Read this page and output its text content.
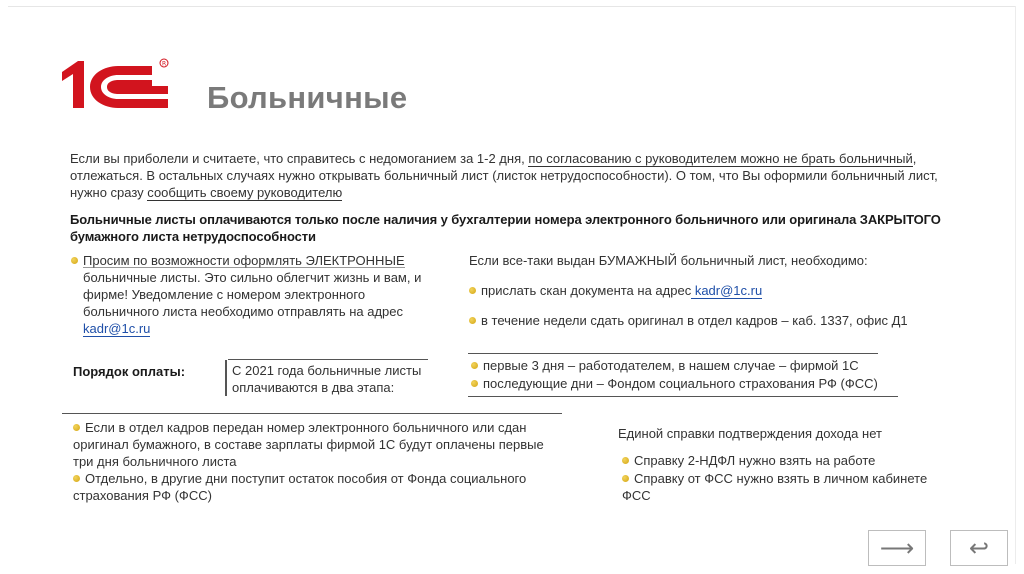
R
Больничные
Если вы приболели и считаете, что справитесь с недомоганием за 1-2 дня, по согласованию с руководителем можно не брать больничный, отлежаться. В остальных случаях нужно открывать больничный лист (листок нетрудоспособности). О том, что Вы оформили больничный лист, нужно сразу сообщить своему руководителю
Больничные листы оплачиваются только после наличия у бухгалтерии номера электронного больничного или оригинала ЗАКРЫТОГО бумажного листа нетрудоспособности
Просим по возможности оформлять ЭЛЕКТРОННЫЕ
больничные листы. Это сильно облегчит жизнь и вам, и фирме! Уведомление с номером электронного больничного листа необходимо отправлять на адрес kadr@1c.ru
Если все-таки выдан БУМАЖНЫЙ больничный лист, необходимо:
прислать скан документа на адрес kadr@1c.ru
в течение недели сдать оригинал в отдел кадров – каб. 1337, офис Д1
Порядок оплаты:	С 2021 года больничные листы оплачиваются в два этапа:
первые 3 дня – работодателем, в нашем случае – фирмой 1С
последующие дни – Фондом социального страхования РФ (ФСС)
Если в отдел кадров передан номер электронного больничного или сдан оригинал бумажного, в составе зарплаты фирмой 1С будут оплачены первые три дня больничного листа
Отдельно, в другие дни поступит остаток пособия от Фонда социального страхования РФ (ФСС)
Единой справки подтверждения дохода нет
Справку 2-НДФЛ нужно взять на работе
Справку от ФСС нужно взять в личном кабинете ФСС
⟶ ↩
